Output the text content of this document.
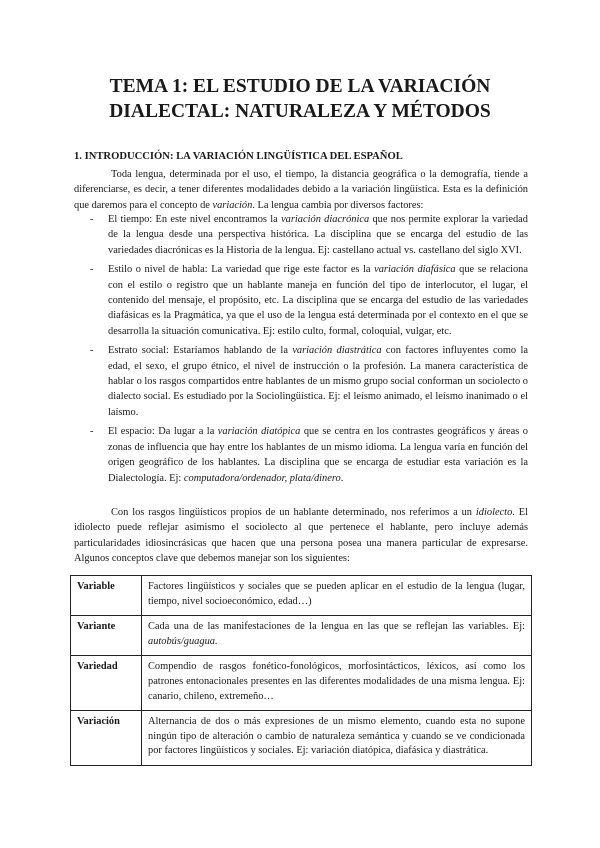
TEMA 1: EL ESTUDIO DE LA VARIACIÓN DIALECTAL: NATURALEZA Y MÉTODOS
1. INTRODUCCIÓN: LA VARIACIÓN LINGÜÍSTICA DEL ESPAÑOL

Toda lengua, determinada por el uso, el tiempo, la distancia geográfica o la demografía, tiende a diferenciarse, es decir, a tener diferentes modalidades debido a la variación lingüística. Esta es la definición que daremos para el concepto de variación. La lengua cambia por diversos factores:

- El tiempo: En este nivel encontramos la variación diacrónica que nos permite explorar la variedad de la lengua desde una perspectiva histórica. La disciplina que se encarga del estudio de las variedades diacrónicas es la Historia de la lengua. Ej: castellano actual vs. castellano del siglo XVI.
- Estilo o nivel de habla: La variedad que rige este factor es la variación diafásica que se relaciona con el estilo o registro que un hablante maneja en función del tipo de interlocutor, el lugar, el contenido del mensaje, el propósito, etc. La disciplina que se encarga del estudio de las variedades diafásicas es la Pragmática, ya que el uso de la lengua está determinada por el contexto en el que se desarrolla la situación comunicativa. Ej: estilo culto, formal, coloquial, vulgar, etc.
- Estrato social: Estaríamos hablando de la variación diastrática con factores influyentes como la edad, el sexo, el grupo étnico, el nivel de instrucción o la profesión. La manera característica de hablar o los rasgos compartidos entre hablantes de un mismo grupo social conforman un sociolecto o dialecto social. Es estudiado por la Sociolingüística. Ej: el leísmo animado, el leísmo inanimado o el laísmo.
- El espacio: Da lugar a la variación diatópica que se centra en los contrastes geográficos y áreas o zonas de influencia que hay entre los hablantes de un mismo idioma. La lengua varía en función del origen geográfico de los hablantes. La disciplina que se encarga de estudiar esta variación es la Dialectología. Ej: computadora/ordenador, plata/dinero.

Con los rasgos lingüísticos propios de un hablante determinado, nos referimos a un idiolecto. El idiolecto puede reflejar asimismo el sociolecto al que pertenece el hablante, pero incluye además particularidades idiosincrásicas que hacen que una persona posea una manera particular de expresarse. Algunos conceptos clave que debemos manejar son los siguientes:

Variable	Factores lingüísticos y sociales que se pueden aplicar en el estudio de la lengua (lugar, tiempo, nivel socioeconómico, edad…)
Variante	Cada una de las manifestaciones de la lengua en las que se reflejan las variables. Ej: autobús/guagua.
Variedad	Compendio de rasgos fonético-fonológicos, morfosintácticos, léxicos, así como los patrones entonacionales presentes en las diferentes modalidades de una misma lengua. Ej: canario, chileno, extremeño…
Variación	Alternancia de dos o más expresiones de un mismo elemento, cuando esta no supone ningún tipo de alteración o cambio de naturaleza semántica y cuando se ve condicionada por factores lingüísticos y sociales. Ej: variación diatópica, diafásica y diastrática.
